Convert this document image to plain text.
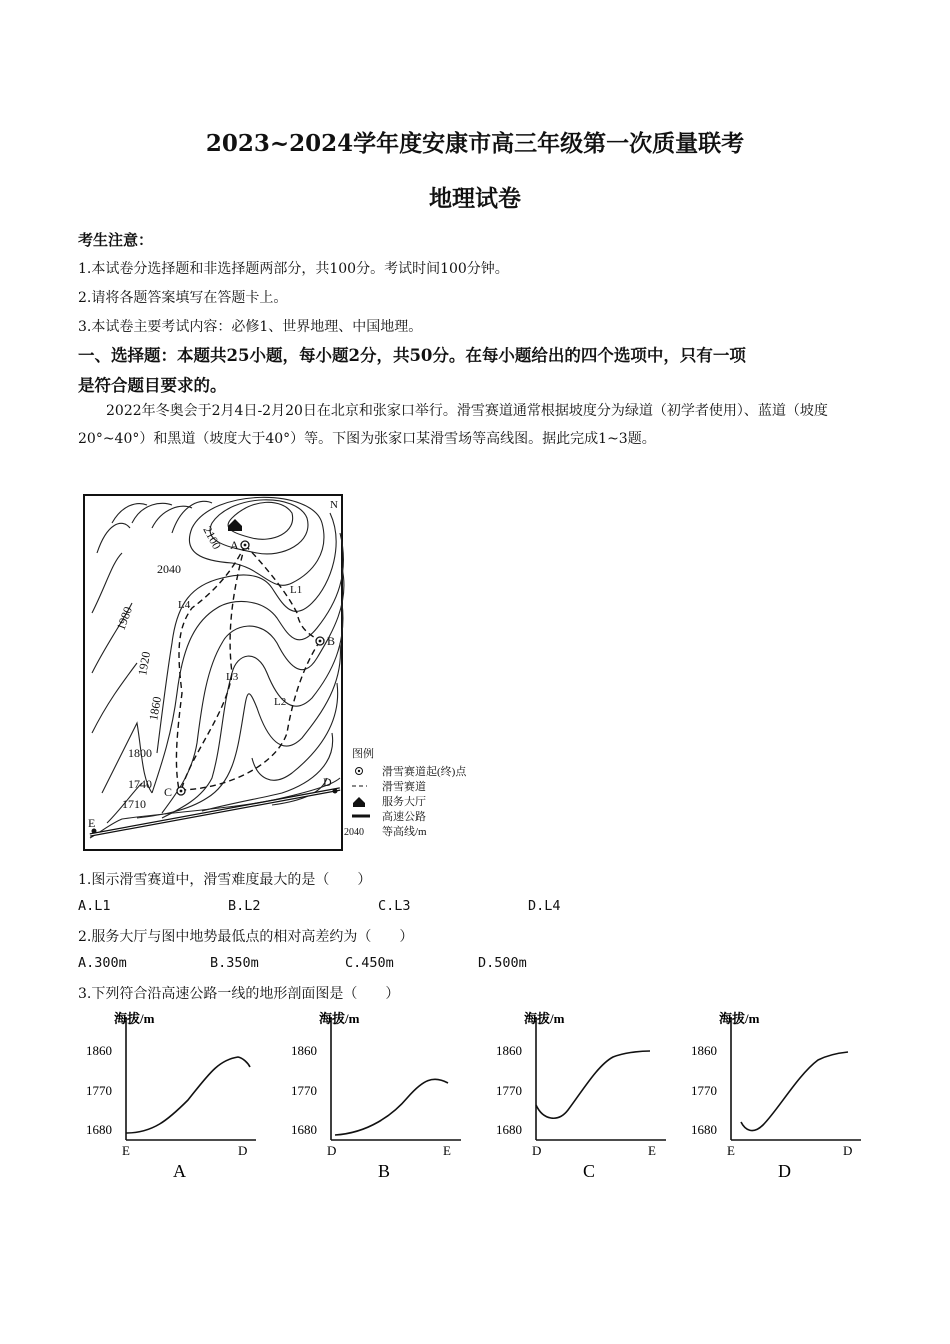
2023~2024学年度安康市高三年级第一次质量联考
地理试卷
考生注意：
1.本试卷分选择题和非选择题两部分，共100分。考试时间100分钟。
2.请将各题答案填写在答题卡上。
3.本试卷主要考试内容：必修1、世界地理、中国地理。
一、选择题：本题共25小题，每小题2分，共50分。在每小题给出的四个选项中，只有一项
是符合题目要求的。
2022年冬奥会于2月4日-2月20日在北京和张家口举行。滑雪赛道通常根据坡度分为绿道（初学者使用）、蓝道（坡度20°~40°）和黑道（坡度大于40°）等。下图为张家口某滑雪场等高线图。据此完成1~3题。
2100
2040
1980
1920
1860
1800
1740
1710
A
B
C
D
E
L1
L2
L3
L4
N
图例
滑雪赛道起(终)点
滑雪赛道
服务大厅
高速公路
2040 等高线/m
1.图示滑雪赛道中，滑雪难度最大的是（　　）
A.L1	B.L2	C.L3	D.L4
2.服务大厅与图中地势最低点的相对高差约为（　　）
A.300m	B.350m	C.450m	D.500m
3.下列符合沿高速公路一线的地形剖面图是（　　）
海拔/m
1860
1770
1680
E	D
A
海拔/m
1860
1770
1680
D	E
B
海拔/m
1860
1770
1680
D	E
C
海拔/m
1860
1770
1680
E	D
D
